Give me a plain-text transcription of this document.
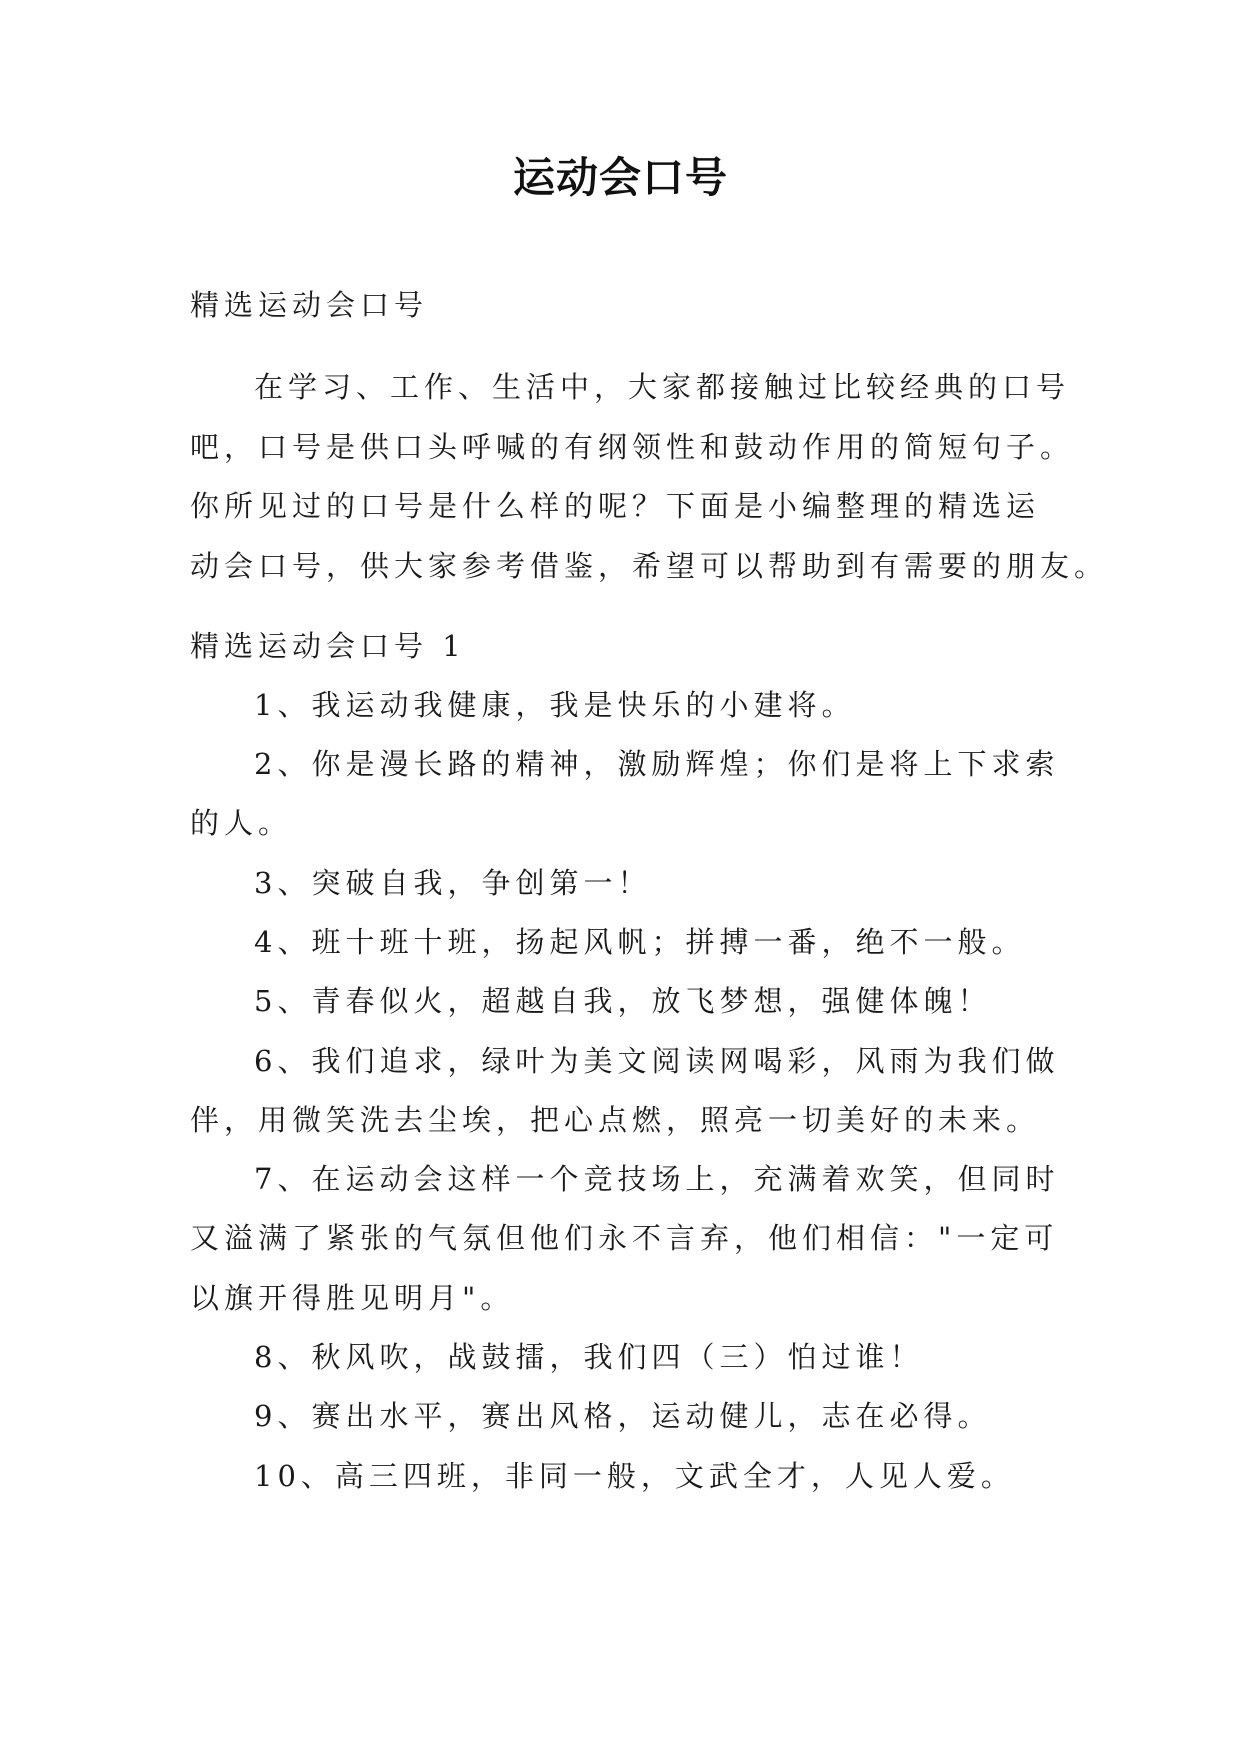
运动会口号
精选运动会口号
在学习、工作、生活中，大家都接触过比较经典的口号
吧，口号是供口头呼喊的有纲领性和鼓动作用的简短句子。
你所见过的口号是什么样的呢？下面是小编整理的精选运
动会口号，供大家参考借鉴，希望可以帮助到有需要的朋友。
精选运动会口号 1
1、我运动我健康，我是快乐的小建将。
2、你是漫长路的精神，激励辉煌；你们是将上下求索
的人。
3、突破自我，争创第一！
4、班十班十班，扬起风帆；拼搏一番，绝不一般。
5、青春似火，超越自我，放飞梦想，强健体魄！
6、我们追求，绿叶为美文阅读网喝彩，风雨为我们做
伴，用微笑洗去尘埃，把心点燃，照亮一切美好的未来。
7、在运动会这样一个竞技场上，充满着欢笑，但同时
又溢满了紧张的气氛但他们永不言弃，他们相信："一定可
以旗开得胜见明月"。
8、秋风吹，战鼓擂，我们四（三）怕过谁！
9、赛出水平，赛出风格，运动健儿，志在必得。
10、高三四班，非同一般，文武全才，人见人爱。
